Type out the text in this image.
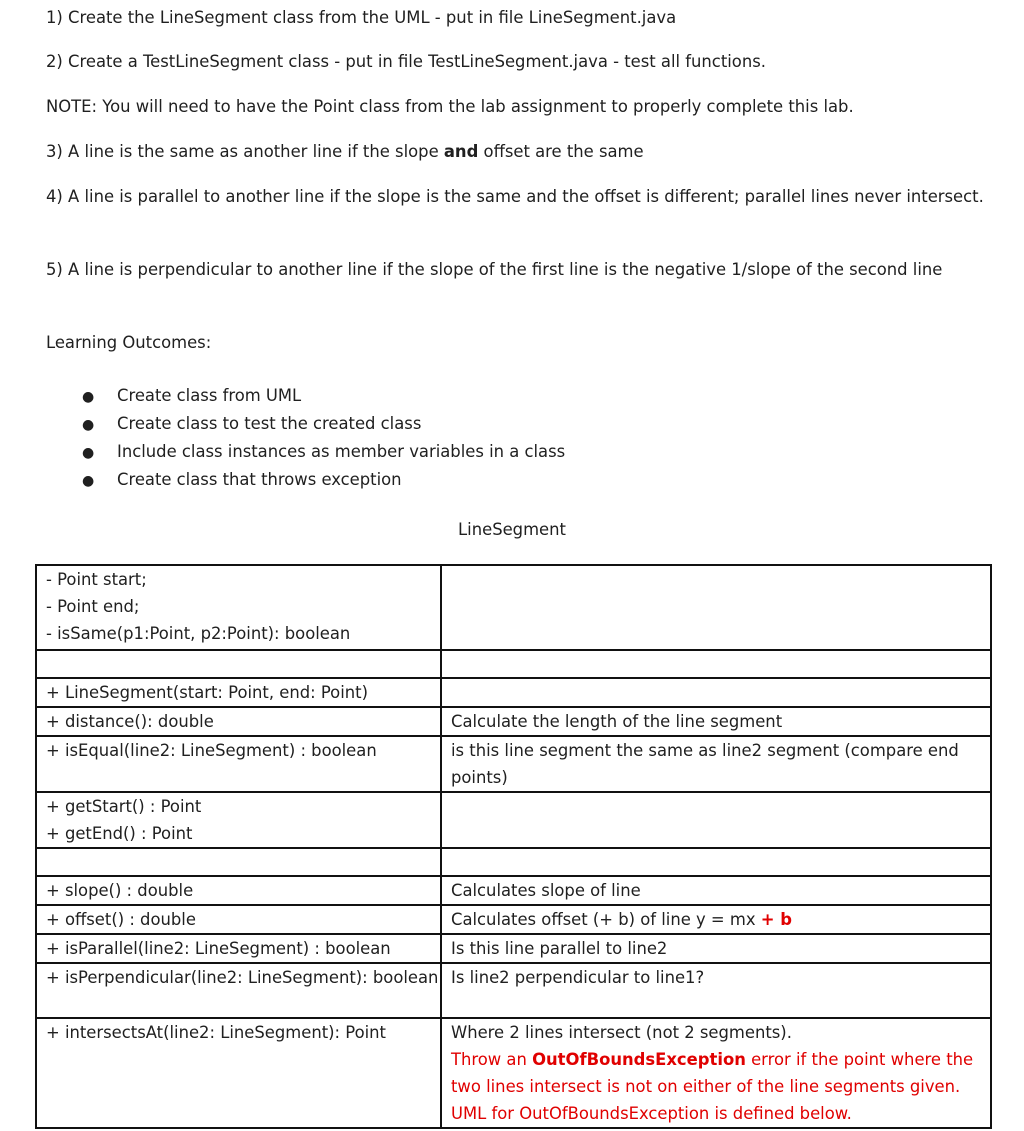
1) Create the LineSegment class from the UML - put in file LineSegment.java

2) Create a TestLineSegment class - put in file TestLineSegment.java - test all functions.

NOTE: You will need to have the Point class from the lab assignment to properly complete this lab.

3) A line is the same as another line if the slope and offset are the same

4) A line is parallel to another line if the slope is the same and the offset is different; parallel lines never intersect.

5) A line is perpendicular to another line if the slope of the first line is the negative 1/slope of the second line

Learning Outcomes:

● Create class from UML

● Create class to test the created class

● Include class instances as member variables in a class

● Create class that throws exception

LineSegment
- Point start;
- Point end;
- isSame(p1:Point, p2:Point): boolean	

+ LineSegment(start: Point, end: Point)	
+ distance(): double	Calculate the length of the line segment
+ isEqual(line2: LineSegment) : boolean	is this line segment the same as line2 segment (compare end points)

+ getStart() : Point
+ getEnd() : Point	

+ slope() : double	Calculates slope of line
+ offset() : double	Calculates offset (+ b) of line y = mx + b
+ isParallel(line2: LineSegment) : boolean	Is this line parallel to line2
+ isPerpendicular(line2: LineSegment): boolean	Is line2 perpendicular to line1?
+ intersectsAt(line2: LineSegment): Point	Where 2 lines intersect (not 2 segments).
Throw an OutOfBoundsException error if the point where the two lines intersect is not on either of the line segments given. UML for OutOfBoundsException is defined below.
